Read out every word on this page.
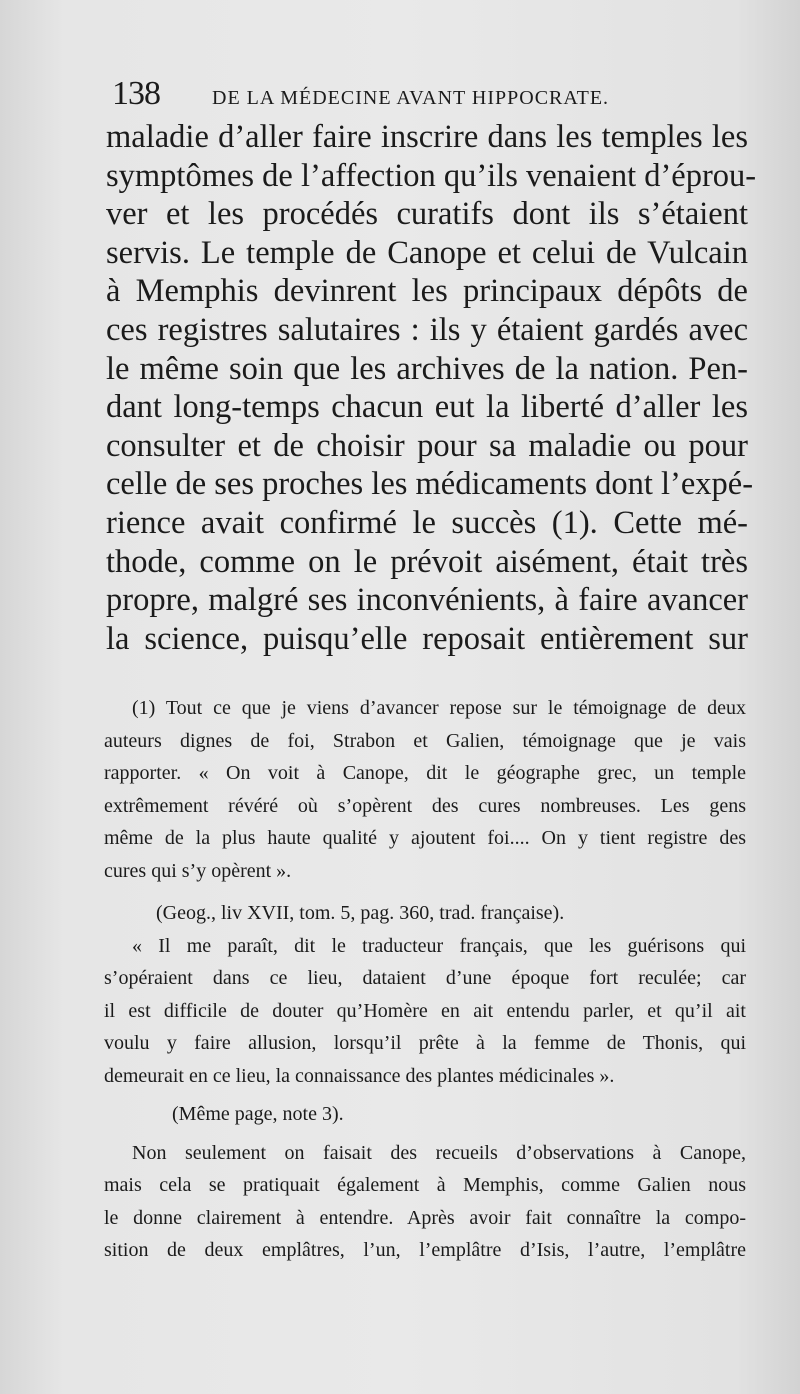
138	DE LA MÉDECINE AVANT HIPPOCRATE.
maladie d’aller faire inscrire dans les temples les
symptômes de l’affection qu’ils venaient d’éprou-
ver et les procédés curatifs dont ils s’étaient
servis. Le temple de Canope et celui de Vulcain
à Memphis devinrent les principaux dépôts de
ces registres salutaires : ils y étaient gardés avec
le même soin que les archives de la nation. Pen-
dant long-temps chacun eut la liberté d’aller les
consulter et de choisir pour sa maladie ou pour
celle de ses proches les médicaments dont l’expé-
rience avait confirmé le succès (1). Cette mé-
thode, comme on le prévoit aisément, était très
propre, malgré ses inconvénients, à faire avancer
la science, puisqu’elle reposait entièrement sur
(1) Tout ce que je viens d’avancer repose sur le témoignage de deux
auteurs dignes de foi, Strabon et Galien, témoignage que je vais
rapporter. « On voit à Canope, dit le géographe grec, un temple
extrêmement révéré où s’opèrent des cures nombreuses. Les gens
même de la plus haute qualité y ajoutent foi.... On y tient registre des
cures qui s’y opèrent ».
(Geog., liv XVII, tom. 5, pag. 360, trad. française).
« Il me paraît, dit le traducteur français, que les guérisons qui
s’opéraient dans ce lieu, dataient d’une époque fort reculée; car
il est difficile de douter qu’Homère en ait entendu parler, et qu’il ait
voulu y faire allusion, lorsqu’il prête à la femme de Thonis, qui
demeurait en ce lieu, la connaissance des plantes médicinales ».
(Même page, note 3).
Non seulement on faisait des recueils d’observations à Canope,
mais cela se pratiquait également à Memphis, comme Galien nous
le donne clairement à entendre. Après avoir fait connaître la compo-
sition de deux emplâtres, l’un, l’emplâtre d’Isis, l’autre, l’emplâtre
